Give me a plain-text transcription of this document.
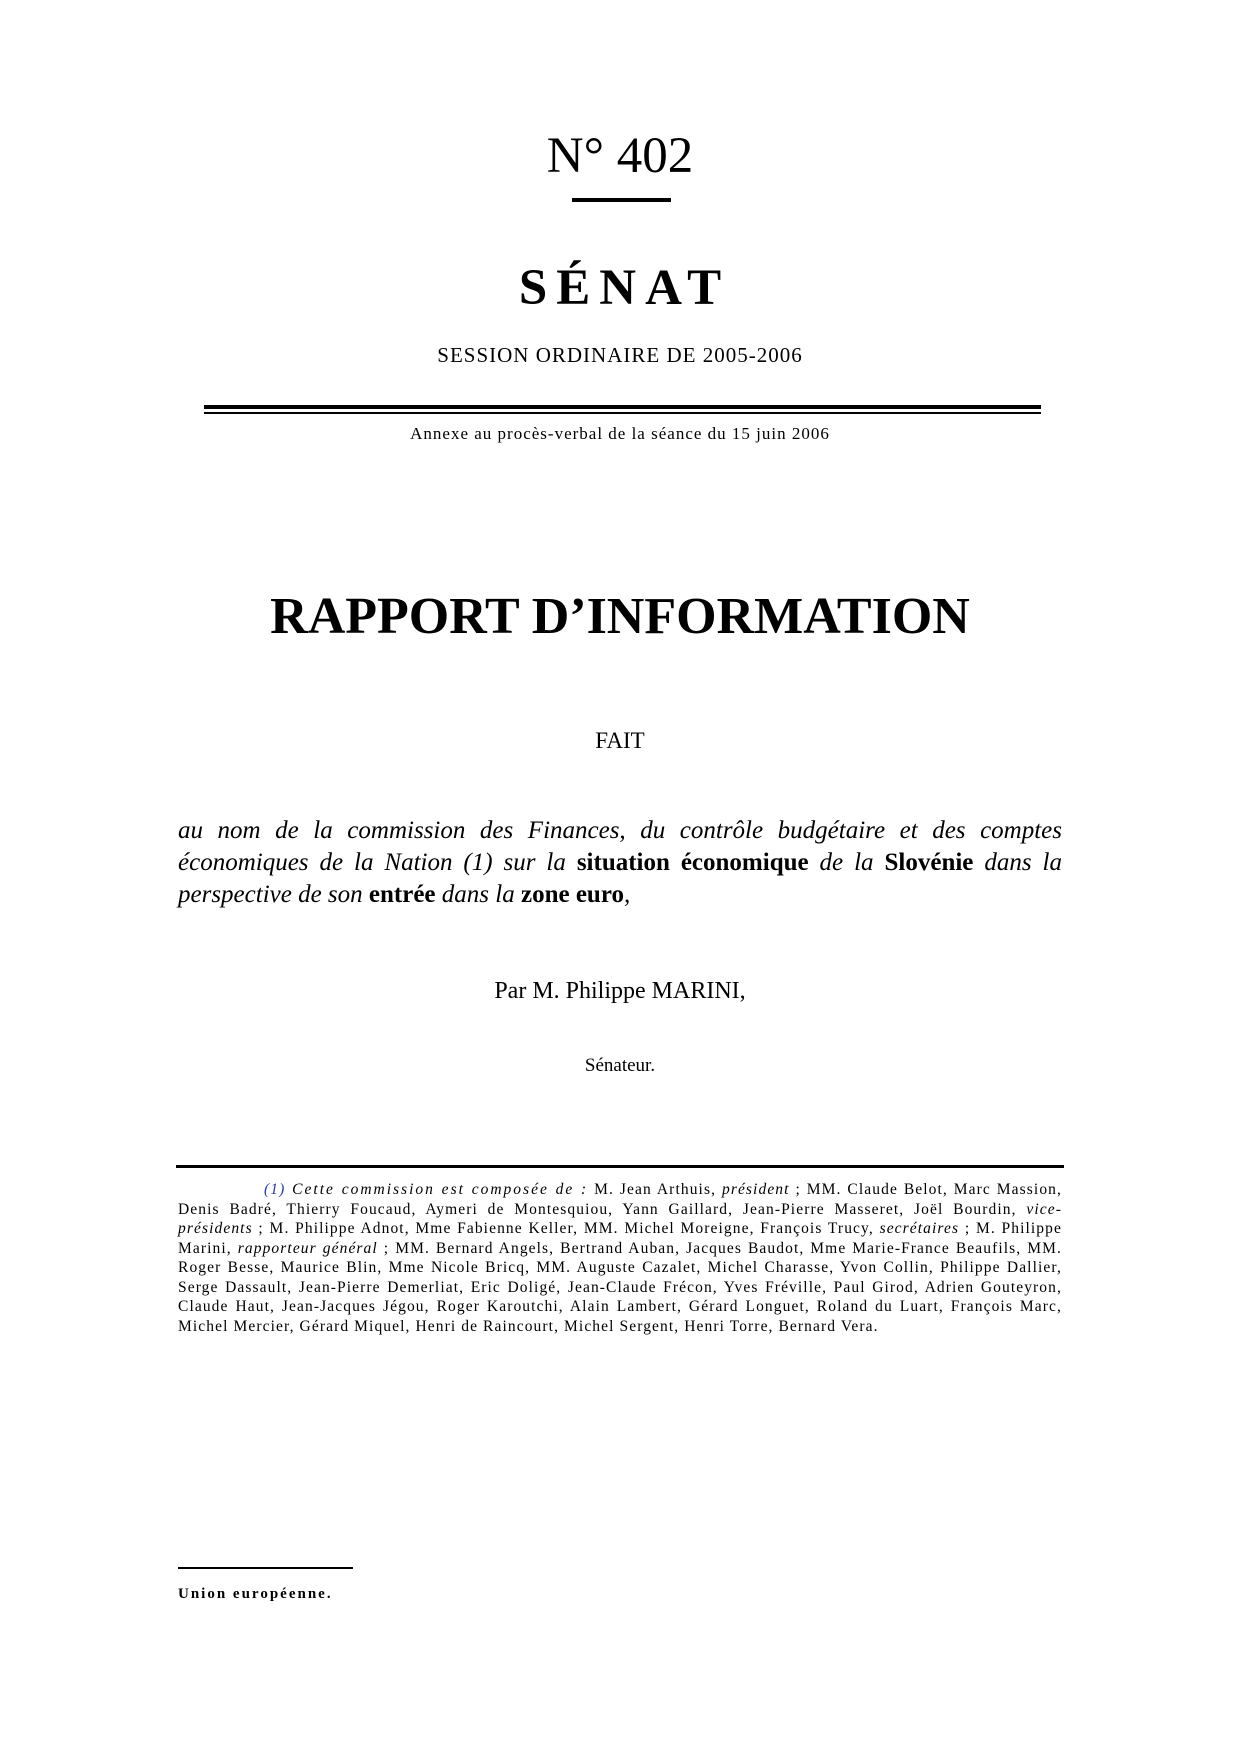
N° 402
SÉNAT
SESSION ORDINAIRE DE 2005-2006
Annexe au procès-verbal de la séance du 15 juin 2006
RAPPORT D’INFORMATION
FAIT
au nom de la commission des Finances, du contrôle budgétaire et des comptes économiques de la Nation (1) sur la situation économique de la Slovénie dans la perspective de son entrée dans la zone euro,
Par M. Philippe MARINI,
Sénateur.
(1) Cette commission est composée de : M. Jean Arthuis, président ; MM. Claude Belot, Marc Massion, Denis Badré, Thierry Foucaud, Aymeri de Montesquiou, Yann Gaillard, Jean-Pierre Masseret, Joël Bourdin, vice-présidents ; M. Philippe Adnot, Mme Fabienne Keller, MM. Michel Moreigne, François Trucy, secrétaires ; M. Philippe Marini, rapporteur général ; MM. Bernard Angels, Bertrand Auban, Jacques Baudot, Mme Marie-France Beaufils, MM. Roger Besse, Maurice Blin, Mme Nicole Bricq, MM. Auguste Cazalet, Michel Charasse, Yvon Collin, Philippe Dallier, Serge Dassault, Jean-Pierre Demerliat, Eric Doligé, Jean-Claude Frécon, Yves Fréville, Paul Girod, Adrien Gouteyron, Claude Haut, Jean-Jacques Jégou, Roger Karoutchi, Alain Lambert, Gérard Longuet, Roland du Luart, François Marc, Michel Mercier, Gérard Miquel, Henri de Raincourt, Michel Sergent, Henri Torre, Bernard Vera.
Union européenne.
